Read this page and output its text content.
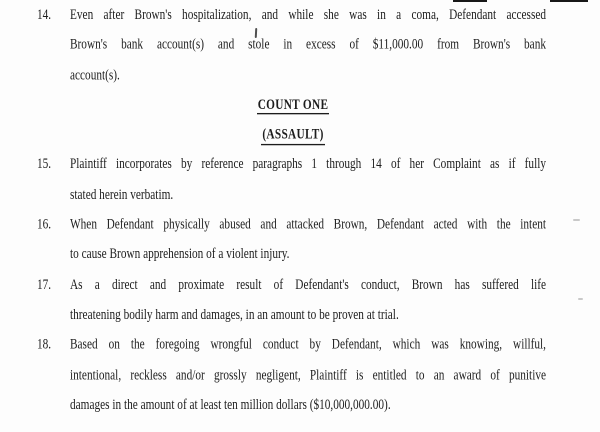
14.	Even after Brown's hospitalization, and while she was in a coma, Defendant accessed
Brown's bank account(s) and stole in excess of $11,000.00 from Brown's bank
account(s).
COUNT ONE
(ASSAULT)
15.	Plaintiff incorporates by reference paragraphs 1 through 14 of her Complaint as if fully
stated herein verbatim.
16.	When Defendant physically abused and attacked Brown, Defendant acted with the intent
to cause Brown apprehension of a violent injury.
17.	As a direct and proximate result of Defendant's conduct, Brown has suffered life
threatening bodily harm and damages, in an amount to be proven at trial.
18.	Based on the foregoing wrongful conduct by Defendant, which was knowing, willful,
intentional, reckless and/or grossly negligent, Plaintiff is entitled to an award of punitive
damages in the amount of at least ten million dollars ($10,000,000.00).
